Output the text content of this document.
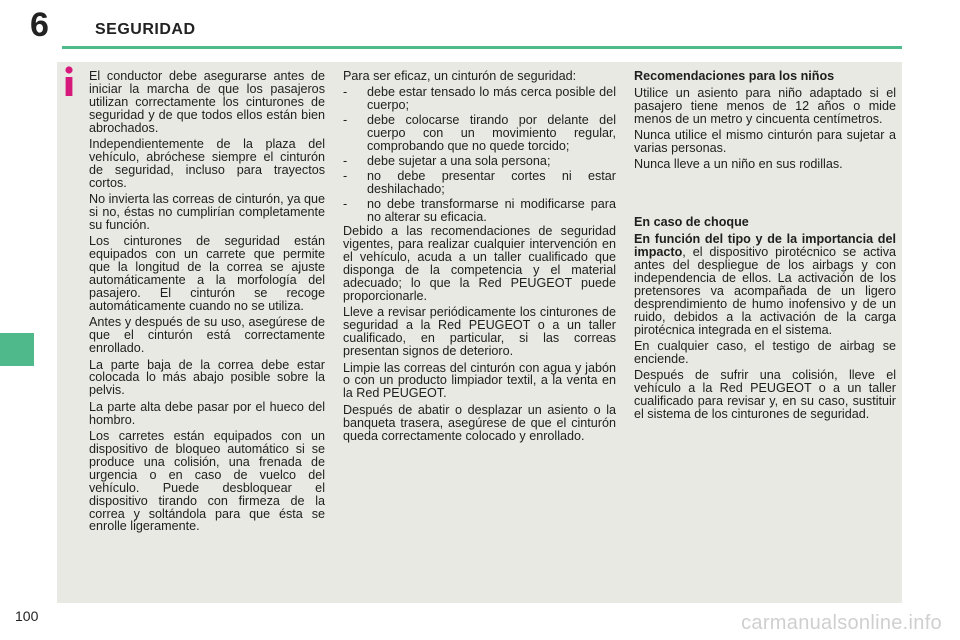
6	SEGURIDAD

El conductor debe asegurarse antes de iniciar la marcha de que los pasajeros utilizan correctamente los cinturones de seguridad y de que todos ellos están bien abrochados.

Independientemente de la plaza del vehículo, abróchese siempre el cinturón de seguridad, incluso para trayectos cortos.

No invierta las correas de cinturón, ya que si no, éstas no cumplirían completamente su función.

Los cinturones de seguridad están equipados con un carrete que permite que la longitud de la correa se ajuste automáticamente a la morfología del pasajero. El cinturón se recoge automáticamente cuando no se utiliza.

Antes y después de su uso, asegúrese de que el cinturón está correctamente enrollado.

La parte baja de la correa debe estar colocada lo más abajo posible sobre la pelvis.

La parte alta debe pasar por el hueco del hombro.

Los carretes están equipados con un dispositivo de bloqueo automático si se produce una colisión, una frenada de urgencia o en caso de vuelco del vehículo. Puede desbloquear el dispositivo tirando con firmeza de la correa y soltándola para que ésta se enrolle ligeramente.

Para ser eficaz, un cinturón de seguridad:

- debe estar tensado lo más cerca posible del cuerpo;
- debe colocarse tirando por delante del cuerpo con un movimiento regular, comprobando que no quede torcido;
- debe sujetar a una sola persona;
- no debe presentar cortes ni estar deshilachado;
- no debe transformarse ni modificarse para no alterar su eficacia.

Debido a las recomendaciones de seguridad vigentes, para realizar cualquier intervención en el vehículo, acuda a un taller cualificado que disponga de la competencia y el material adecuado; lo que la Red PEUGEOT puede proporcionarle.

Lleve a revisar periódicamente los cinturones de seguridad a la Red PEUGEOT o a un taller cualificado, en particular, si las correas presentan signos de deterioro.

Limpie las correas del cinturón con agua y jabón o con un producto limpiador textil, a la venta en la Red PEUGEOT.

Después de abatir o desplazar un asiento o la banqueta trasera, asegúrese de que el cinturón queda correctamente colocado y enrollado.

Recomendaciones para los niños

Utilice un asiento para niño adaptado si el pasajero tiene menos de 12 años o mide menos de un metro y cincuenta centímetros.

Nunca utilice el mismo cinturón para sujetar a varias personas.

Nunca lleve a un niño en sus rodillas.

En caso de choque

En función del tipo y de la importancia del impacto, el dispositivo pirotécnico se activa antes del despliegue de los airbags y con independencia de ellos. La activación de los pretensores va acompañada de un ligero desprendimiento de humo inofensivo y de un ruido, debidos a la activación de la carga pirotécnica integrada en el sistema.

En cualquier caso, el testigo de airbag se enciende.

Después de sufrir una colisión, lleve el vehículo a la Red PEUGEOT o a un taller cualificado para revisar y, en su caso, sustituir el sistema de los cinturones de seguridad.

100	carmanualsonline.info
